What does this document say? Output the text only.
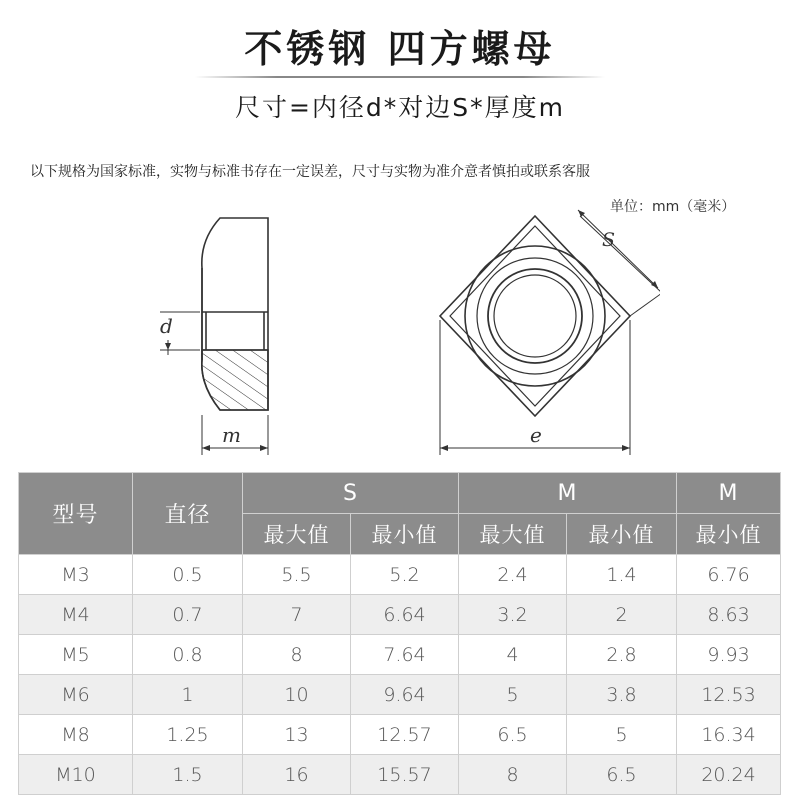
不锈钢 四方螺母
尺寸=内径d*对边S*厚度m
以下规格为国家标准，实物与标准书存在一定误差，尺寸与实物为准介意者慎拍或联系客服
单位：mm（毫米）
d
m
S
e
型号	直径	S		M		M
		最大值	最小值	最大值	最小值	最小值
M3	0.5	5.5	5.2	2.4	1.4	6.76
M4	0.7	7	6.64	3.2	2	8.63
M5	0.8	8	7.64	4	2.8	9.93
M6	1	10	9.64	5	3.8	12.53
M8	1.25	13	12.57	6.5	5	16.34
M10	1.5	16	15.57	8	6.5	20.24
